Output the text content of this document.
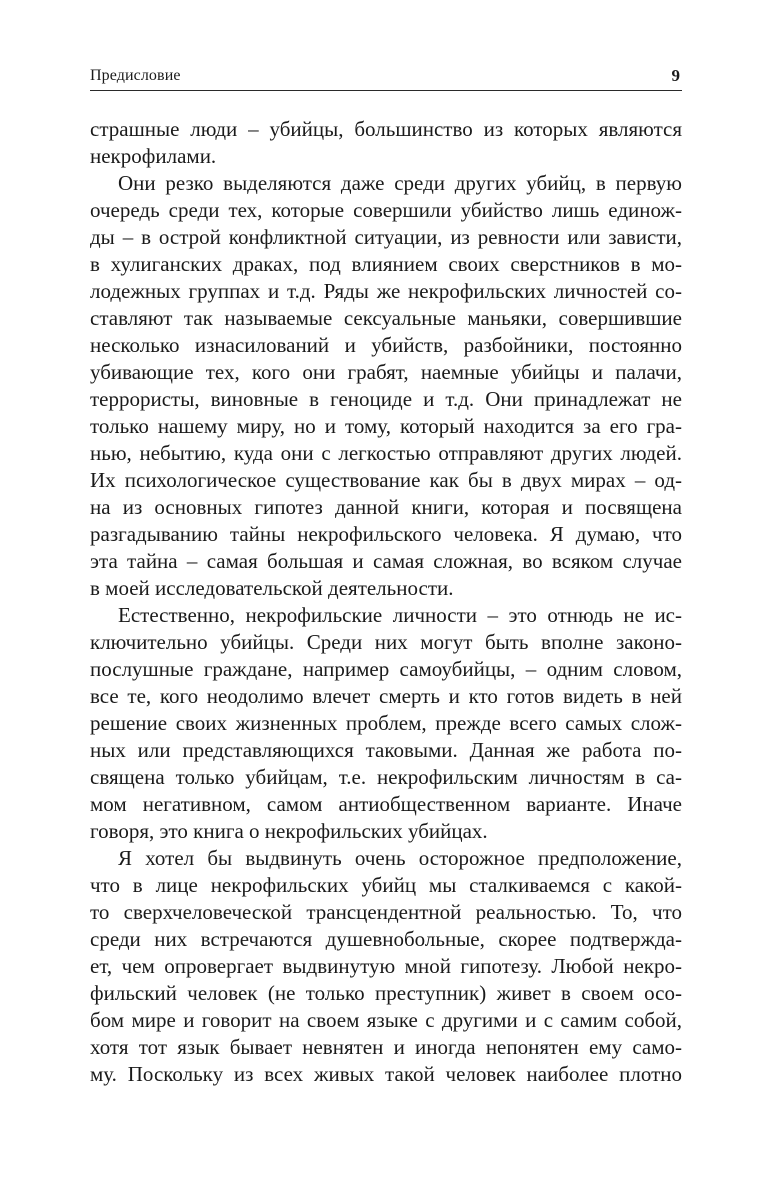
Предисловие	9
страшные люди – убийцы, большинство из которых являются
некрофилами.
Они резко выделяются даже среди других убийц, в первую
очередь среди тех, которые совершили убийство лишь единож-
ды – в острой конфликтной ситуации, из ревности или зависти,
в хулиганских драках, под влиянием своих сверстников в мо-
лодежных группах и т.д. Ряды же некрофильских личностей со-
ставляют так называемые сексуальные маньяки, совершившие
несколько изнасилований и убийств, разбойники, постоянно
убивающие тех, кого они грабят, наемные убийцы и палачи,
террористы, виновные в геноциде и т.д. Они принадлежат не
только нашему миру, но и тому, который находится за его гра-
нью, небытию, куда они с легкостью отправляют других людей.
Их психологическое существование как бы в двух мирах – од-
на из основных гипотез данной книги, которая и посвящена
разгадыванию тайны некрофильского человека. Я думаю, что
эта тайна – самая большая и самая сложная, во всяком случае
в моей исследовательской деятельности.
Естественно, некрофильские личности – это отнюдь не ис-
ключительно убийцы. Среди них могут быть вполне законо-
послушные граждане, например самоубийцы, – одним словом,
все те, кого неодолимо влечет смерть и кто готов видеть в ней
решение своих жизненных проблем, прежде всего самых слож-
ных или представляющихся таковыми. Данная же работа по-
священа только убийцам, т.е. некрофильским личностям в са-
мом негативном, самом антиобщественном варианте. Иначе
говоря, это книга о некрофильских убийцах.
Я хотел бы выдвинуть очень осторожное предположение,
что в лице некрофильских убийц мы сталкиваемся с какой-
то сверхчеловеческой трансцендентной реальностью. То, что
среди них встречаются душевнобольные, скорее подтвержда-
ет, чем опровергает выдвинутую мной гипотезу. Любой некро-
фильский человек (не только преступник) живет в своем осо-
бом мире и говорит на своем языке с другими и с самим собой,
хотя тот язык бывает невнятен и иногда непонятен ему само-
му. Поскольку из всех живых такой человек наиболее плотно
